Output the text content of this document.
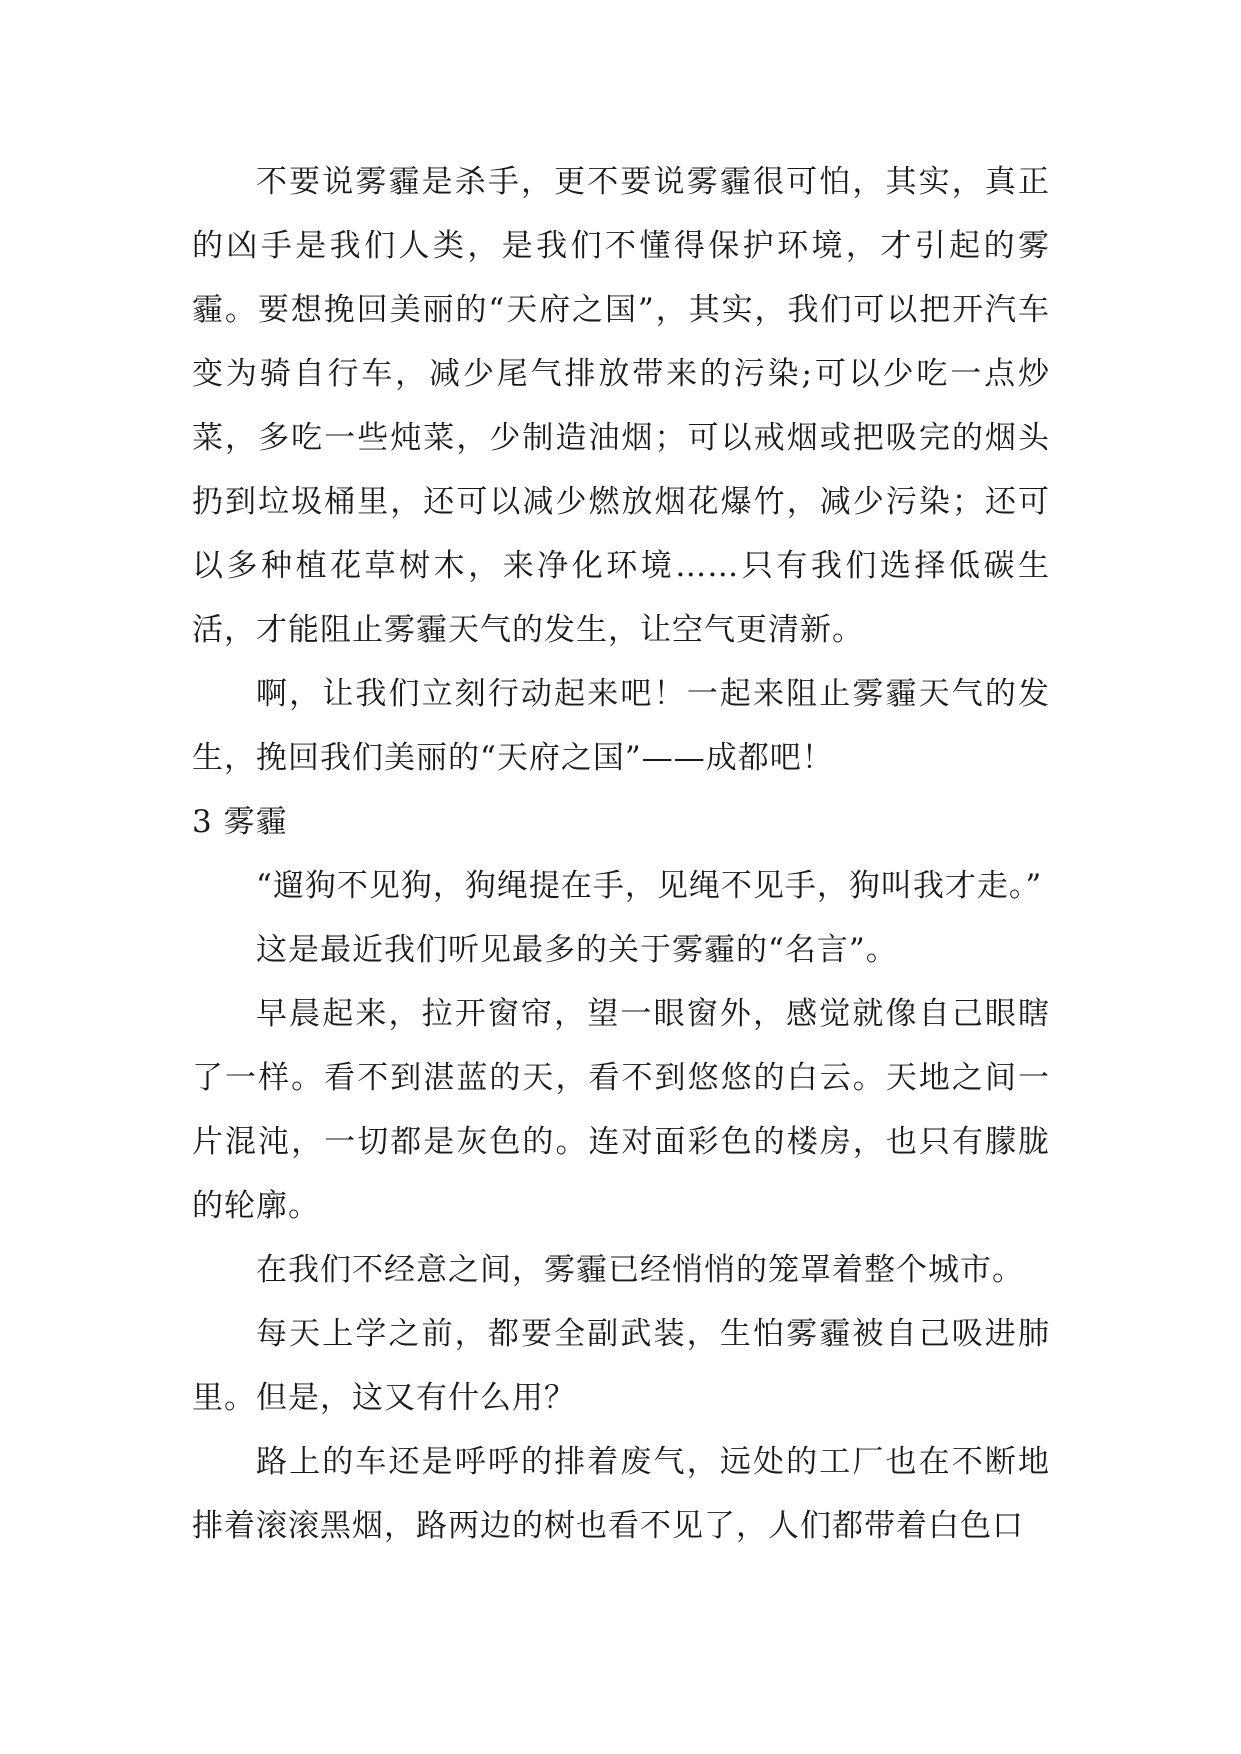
不要说雾霾是杀手，更不要说雾霾很可怕，其实，真正的凶手是我们人类，是我们不懂得保护环境，才引起的雾霾。要想挽回美丽的“天府之国”，其实，我们可以把开汽车变为骑自行车，减少尾气排放带来的污染;可以少吃一点炒菜，多吃一些炖菜，少制造油烟；可以戒烟或把吸完的烟头扔到垃圾桶里，还可以减少燃放烟花爆竹，减少污染；还可以多种植花草树木，来净化环境……只有我们选择低碳生活，才能阻止雾霾天气的发生，让空气更清新。

啊，让我们立刻行动起来吧！一起来阻止雾霾天气的发生，挽回我们美丽的“天府之国”——成都吧！

3 雾霾

“遛狗不见狗，狗绳提在手，见绳不见手，狗叫我才走。”

这是最近我们听见最多的关于雾霾的“名言”。

早晨起来，拉开窗帘，望一眼窗外，感觉就像自己眼瞎了一样。看不到湛蓝的天，看不到悠悠的白云。天地之间一片混沌，一切都是灰色的。连对面彩色的楼房，也只有朦胧的轮廓。

在我们不经意之间，雾霾已经悄悄的笼罩着整个城市。

每天上学之前，都要全副武装，生怕雾霾被自己吸进肺里。但是，这又有什么用？

路上的车还是呼呼的排着废气，远处的工厂也在不断地排着滚滚黑烟，路两边的树也看不见了，人们都带着白色口
